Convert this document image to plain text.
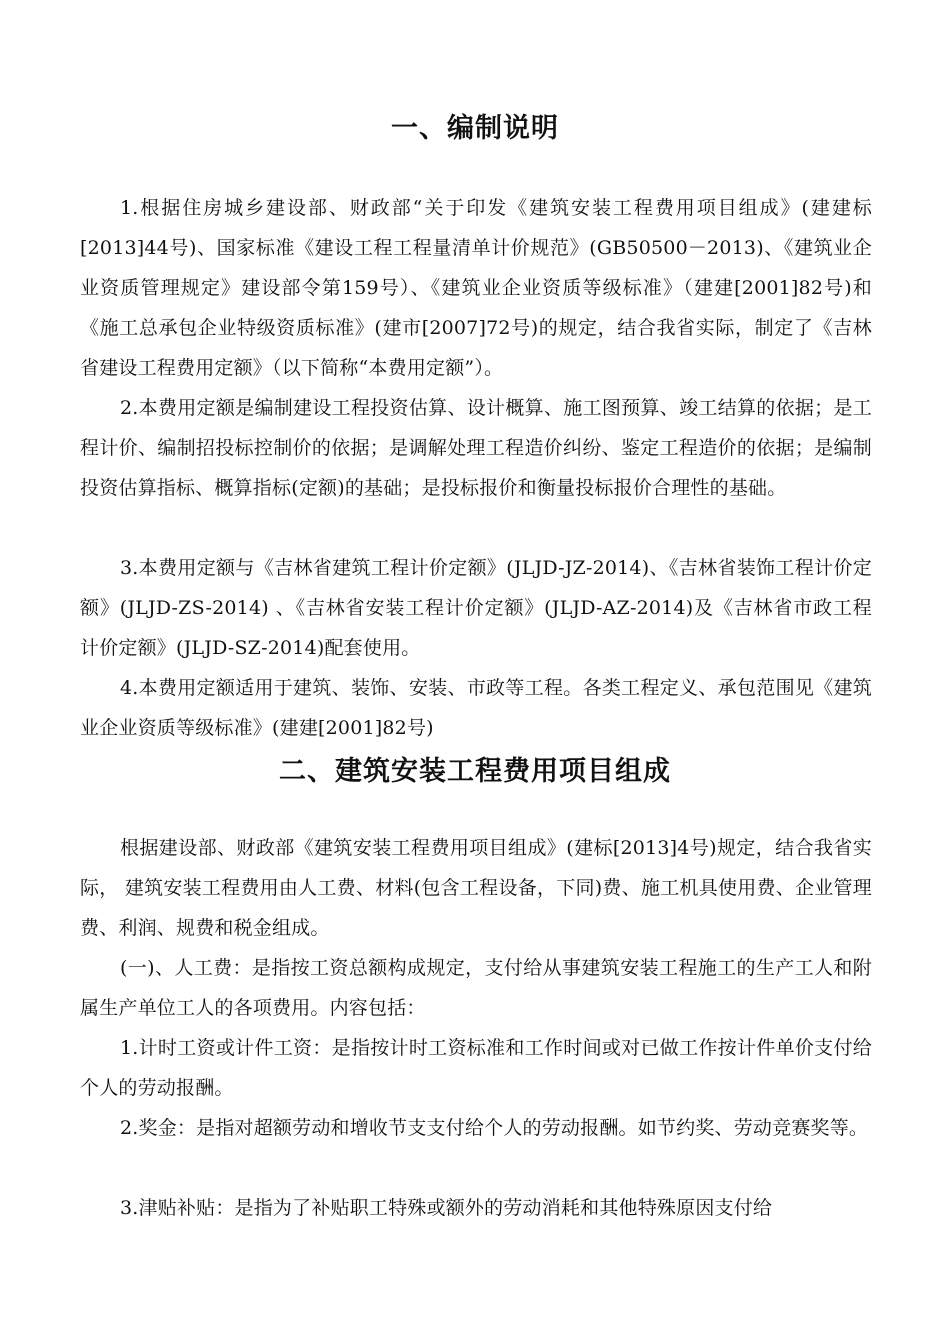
一、编制说明

1.根据住房城乡建设部、财政部“关于印发《建筑安装工程费用项目组成》(建建标[2013]44号)、国家标准《建设工程工程量清单计价规范》(GB50500－2013)、《建筑业企业资质管理规定》建设部令第159号）、《建筑业企业资质等级标准》（建建[2001]82号)和《施工总承包企业特级资质标准》(建市[2007]72号)的规定，结合我省实际，制定了《吉林省建设工程费用定额》（以下简称“本费用定额”）。

2.本费用定额是编制建设工程投资估算、设计概算、施工图预算、竣工结算的依据；是工程计价、编制招投标控制价的依据；是调解处理工程造价纠纷、鉴定工程造价的依据；是编制投资估算指标、概算指标(定额)的基础；是投标报价和衡量投标报价合理性的基础。

3.本费用定额与《吉林省建筑工程计价定额》(JLJD-JZ-2014)、《吉林省装饰工程计价定额》(JLJD-ZS-2014) 、《吉林省安装工程计价定额》(JLJD-AZ-2014)及《吉林省市政工程计价定额》(JLJD-SZ-2014)配套使用。

4.本费用定额适用于建筑、装饰、安装、市政等工程。各类工程定义、承包范围见《建筑业企业资质等级标准》(建建[2001]82号)

二、建筑安装工程费用项目组成

根据建设部、财政部《建筑安装工程费用项目组成》(建标[2013]4号)规定，结合我省实际， 建筑安装工程费用由人工费、材料(包含工程设备，下同)费、施工机具使用费、企业管理费、利润、规费和税金组成。

(一)、人工费：是指按工资总额构成规定，支付给从事建筑安装工程施工的生产工人和附属生产单位工人的各项费用。内容包括：

1.计时工资或计件工资：是指按计时工资标准和工作时间或对已做工作按计件单价支付给个人的劳动报酬。

2.奖金：是指对超额劳动和增收节支支付给个人的劳动报酬。如节约奖、劳动竞赛奖等。

3.津贴补贴：是指为了补贴职工特殊或额外的劳动消耗和其他特殊原因支付给
